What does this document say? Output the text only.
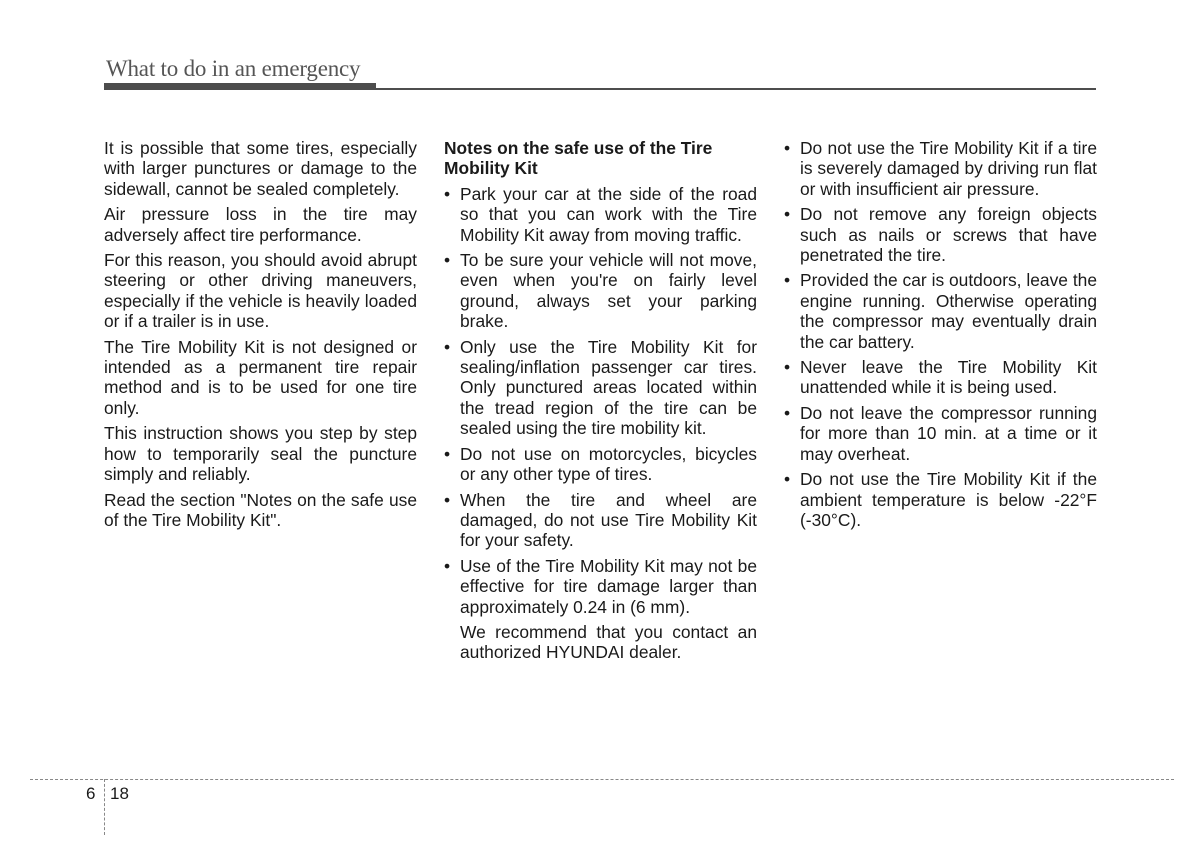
What to do in an emergency

It is possible that some tires, especially with larger punctures or damage to the sidewall, cannot be sealed completely.

Air pressure loss in the tire may adversely affect tire performance.

For this reason, you should avoid abrupt steering or other driving maneuvers, especially if the vehicle is heavily loaded or if a trailer is in use.

The Tire Mobility Kit is not designed or intended as a permanent tire repair method and is to be used for one tire only.

This instruction shows you step by step how to temporarily seal the puncture simply and reliably.

Read the section "Notes on the safe use of the Tire Mobility Kit".

Notes on the safe use of the Tire Mobility Kit

• Park your car at the side of the road so that you can work with the Tire Mobility Kit away from moving traffic.
• To be sure your vehicle will not move, even when you're on fairly level ground, always set your parking brake.
• Only use the Tire Mobility Kit for sealing/inflation passenger car tires. Only punctured areas located within the tread region of the tire can be sealed using the tire mobility kit.
• Do not use on motorcycles, bicycles or any other type of tires.
• When the tire and wheel are damaged, do not use Tire Mobility Kit for your safety.
• Use of the Tire Mobility Kit may not be effective for tire damage larger than approximately 0.24 in (6 mm).

We recommend that you contact an authorized HYUNDAI dealer.

• Do not use the Tire Mobility Kit if a tire is severely damaged by driving run flat or with insufficient air pressure.
• Do not remove any foreign objects such as nails or screws that have penetrated the tire.
• Provided the car is outdoors, leave the engine running. Otherwise operating the compressor may eventually drain the car battery.
• Never leave the Tire Mobility Kit unattended while it is being used.
• Do not leave the compressor running for more than 10 min. at a time or it may overheat.
• Do not use the Tire Mobility Kit if the ambient temperature is below -22°F (-30°C).
6 18
